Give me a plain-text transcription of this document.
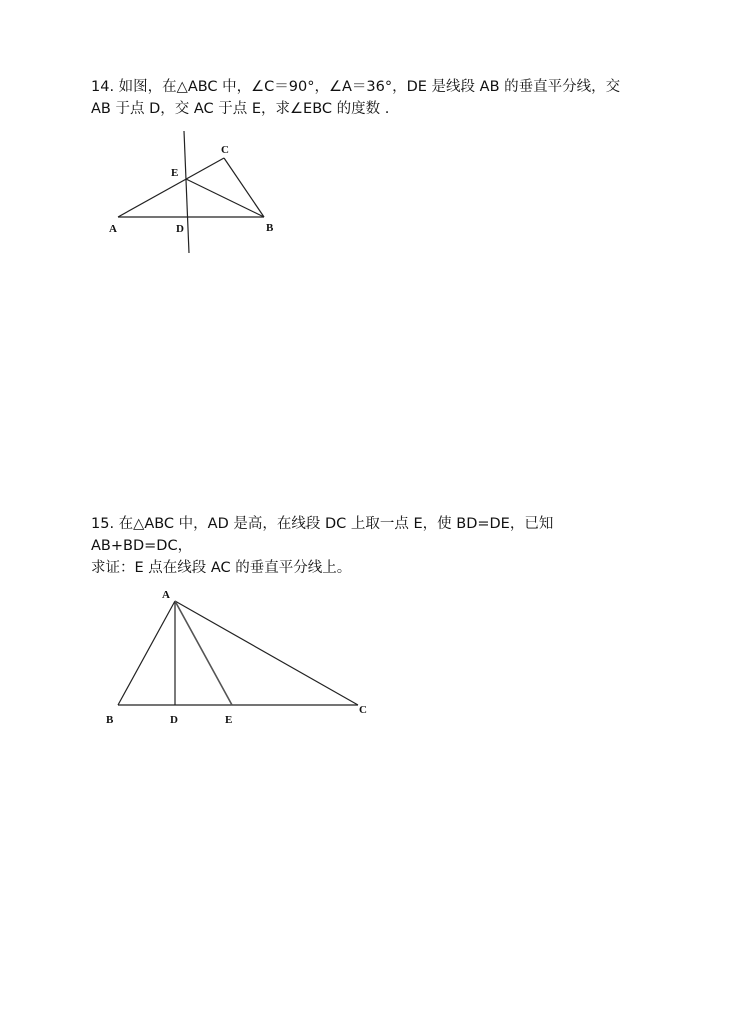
14. 如图，在△ABC 中，∠C＝90°，∠A＝36°，DE 是线段 AB 的垂直平分线，交
AB 于点 D，交 AC 于点 E，求∠EBC 的度数 .
A	B
C
D
E
15. 在△ABC 中，AD 是高，在线段 DC 上取一点 E，使 BD=DE，已知
AB+BD=DC，
求证：E 点在线段 AC 的垂直平分线上。
A
B
C
D	E
